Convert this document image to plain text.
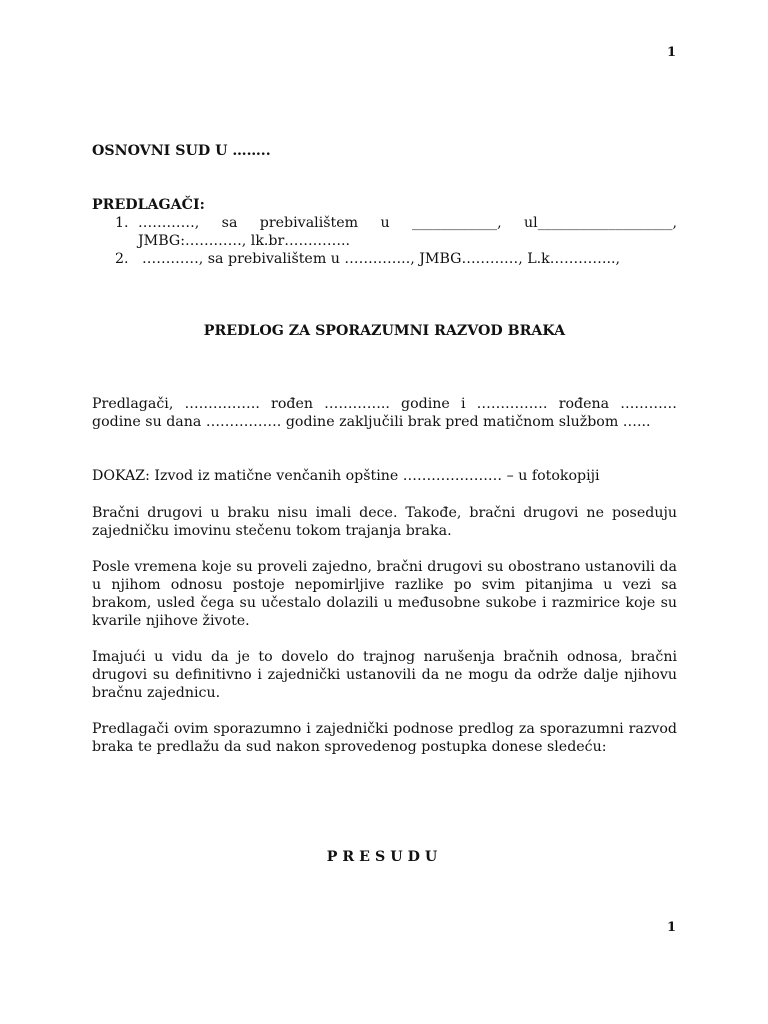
1
OSNOVNI SUD U ……..
PREDLAGAČI:
1. …………, sa prebivalištem u ____________, ul___________________,
JMBG:…………, lk.br…………..
2. …………, sa prebivalištem u ………….., JMBG…………, L.k…………..,
PREDLOG ZA SPORAZUMNI RAZVOD BRAKA
Predlagači, ……………. rođen ………….. godine i …………… rođena …………
godine su dana ……………. godine zaključili brak pred matičnom službom …...
DOKAZ: Izvod iz matične venčanih opštine ………………… – u fotokopiji
Bračni drugovi u braku nisu imali dece. Takođe, bračni drugovi ne poseduju zajedničku imovinu stečenu tokom trajanja braka.
Posle vremena koje su proveli zajedno, bračni drugovi su obostrano ustanovili da u njihom odnosu postoje nepomirljive razlike po svim pitanjima u vezi sa brakom, usled čega su učestalo dolazili u međusobne sukobe i razmirice koje su kvarile njihove živote.
Imajući u vidu da je to dovelo do trajnog narušenja bračnih odnosa, bračni drugovi su definitivno i zajednički ustanovili da ne mogu da održe dalje njihovu bračnu zajednicu.
Predlagači ovim sporazumno i zajednički podnose predlog za sporazumni razvod braka te predlažu da sud nakon sprovedenog postupka donese sledeću:
PRESUDU
1
